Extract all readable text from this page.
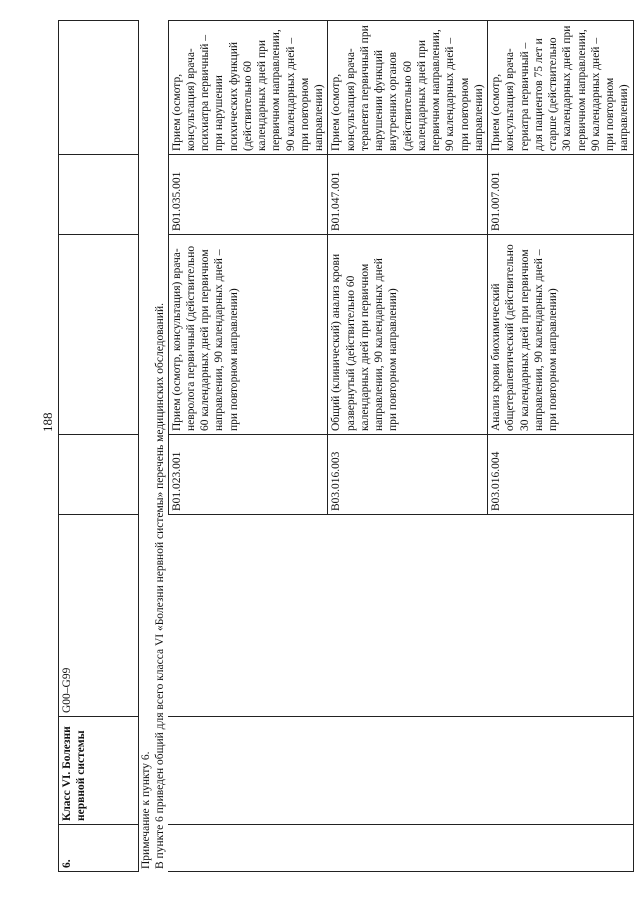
188
6.	Класс VI. Болезни нервной системы	G00–G99				
Примечание к пункту 6.
В пункте 6 приведен общий для всего класса VI «Болезни нервной системы» перечень медицинских обследований.
			B01.023.001	Прием (осмотр, консультация) врача-невролога первичный (действительно 60 календарных дней при первичном направлении, 90 календарных дней – при повторном направлении)	B01.035.001	Прием (осмотр, консультация) врача-психиатра первичный – при нарушении психических функций (действительно 60 календарных дней при первичном направлении, 90 календарных дней – при повторном направлении)
			B03.016.003	Общий (клинический) анализ крови развернутый (действительно 60 календарных дней при первичном направлении, 90 календарных дней при повторном направлении)	B01.047.001	Прием (осмотр, консультация) врача-терапевта первичный при нарушении функций внутренних органов (действительно 60 календарных дней при первичном направлении, 90 календарных дней – при повторном направлении)
			B03.016.004	Анализ крови биохимический общетерапевтический (действительно 30 календарных дней при первичном направлении, 90 календарных дней – при повторном направлении)	B01.007.001	Прием (осмотр, консультация) врача-гериатра первичный – для пациентов 75 лет и старше (действительно 30 календарных дней при первичном направлении, 90 календарных дней – при повторном направлении)
